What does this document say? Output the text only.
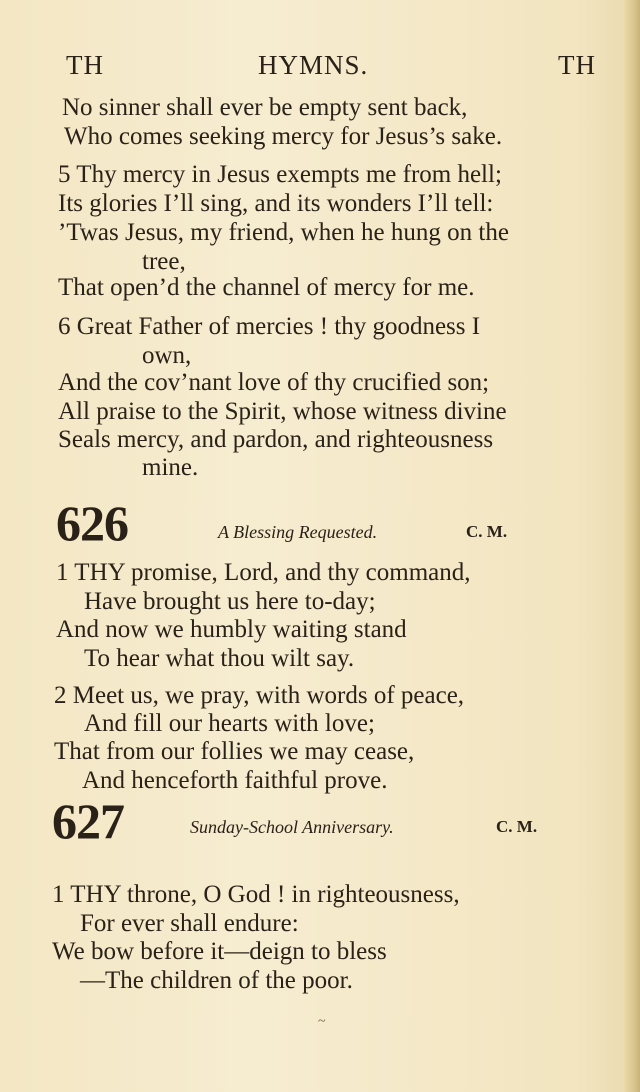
TH	HYMNS.	TH
No sinner shall ever be empty sent back,
Who comes seeking mercy for Jesus’s sake.
5 Thy mercy in Jesus exempts me from hell;
Its glories I’ll sing, and its wonders I’ll tell:
’Twas Jesus, my friend, when he hung on the
tree,
That open’d the channel of mercy for me.
6 Great Father of mercies ! thy goodness I
own,
And the cov’nant love of thy crucified son;
All praise to the Spirit, whose witness divine
Seals mercy, and pardon, and righteousness
mine.
626	A Blessing Requested.	C. M.
1 THY promise, Lord, and thy command,
Have brought us here to-day;
And now we humbly waiting stand
To hear what thou wilt say.
2 Meet us, we pray, with words of peace,
And fill our hearts with love;
That from our follies we may cease,
And henceforth faithful prove.
627	Sunday-School Anniversary.	C. M.
1 THY throne, O God ! in righteousness,
For ever shall endure:
We bow before it—deign to bless
—The children of the poor.
~
